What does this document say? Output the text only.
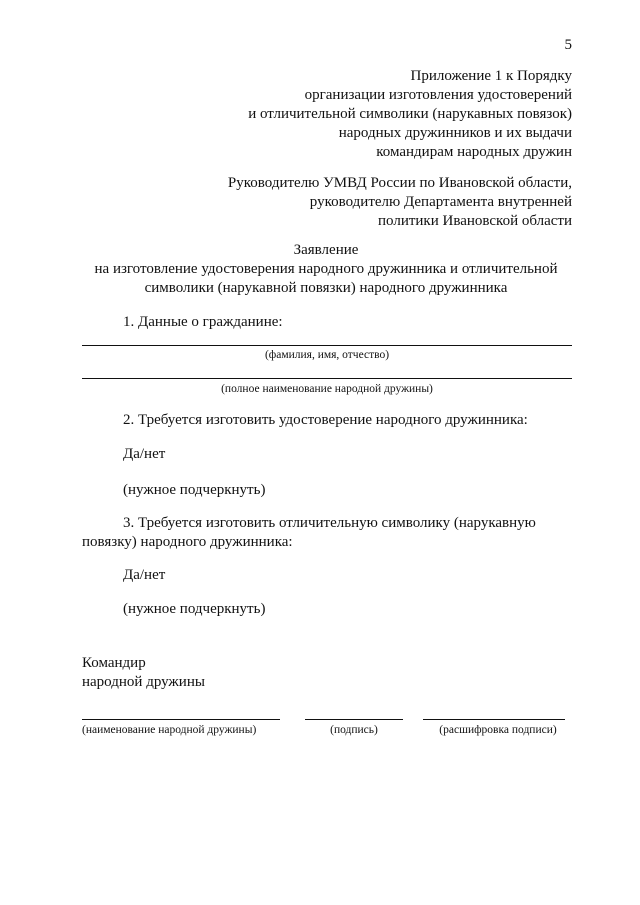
5
Приложение 1 к Порядку
организации изготовления удостоверений
и отличительной символики (нарукавных повязок)
народных дружинников и их выдачи
командирам народных дружин
Руководителю УМВД России по Ивановской области,
руководителю Департамента внутренней
политики Ивановской области
Заявление
на изготовление удостоверения народного дружинника и отличительной
символики (нарукавной повязки) народного дружинника
1. Данные о гражданине:
(фамилия, имя, отчество)
(полное наименование народной дружины)
2. Требуется изготовить удостоверение народного дружинника:
Да/нет
(нужное подчеркнуть)
3. Требуется изготовить отличительную символику (нарукавную
повязку) народного дружинника:
Да/нет
(нужное подчеркнуть)
Командир
народной дружины
(наименование народной дружины)	(подпись)	(расшифровка подписи)
